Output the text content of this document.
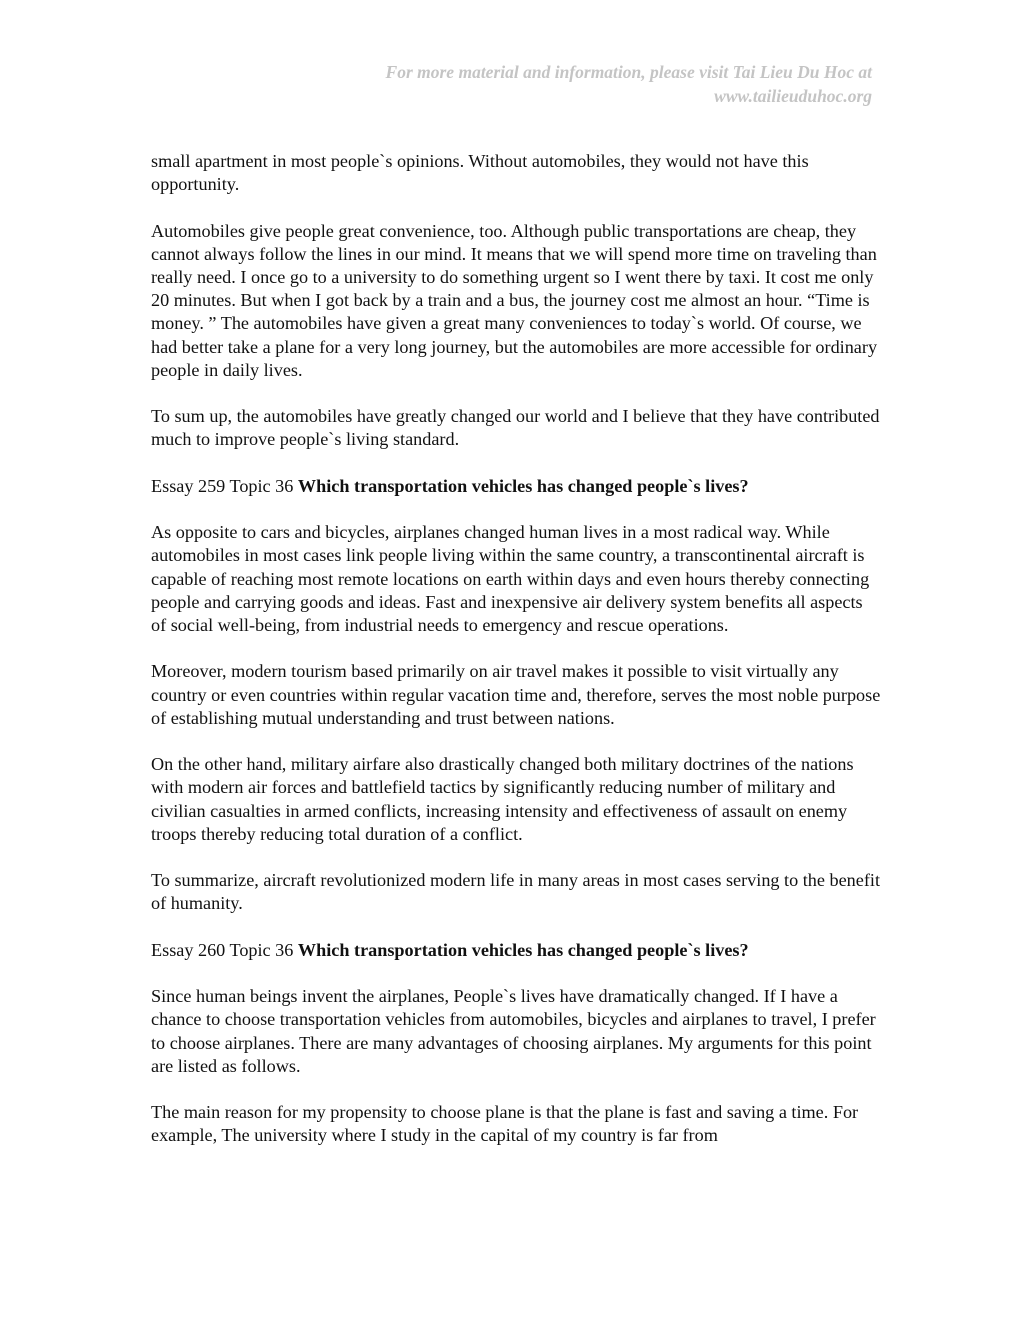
For more material and information, please visit Tai Lieu Du Hoc at
www.tailieuduhoc.org

small apartment in most people`s opinions. Without automobiles, they would not have this opportunity.

Automobiles give people great convenience, too. Although public transportations are cheap, they cannot always follow the lines in our mind. It means that we will spend more time on traveling than really need. I once go to a university to do something urgent so I went there by taxi. It cost me only 20 minutes. But when I got back by a train and a bus, the journey cost me almost an hour. “Time is money. ” The automobiles have given a great many conveniences to today`s world. Of course, we had better take a plane for a very long journey, but the automobiles are more accessible for ordinary people in daily lives.

To sum up, the automobiles have greatly changed our world and I believe that they have contributed much to improve people`s living standard.

Essay 259 Topic 36 Which transportation vehicles has changed people`s lives?

As opposite to cars and bicycles, airplanes changed human lives in a most radical way. While automobiles in most cases link people living within the same country, a transcontinental aircraft is capable of reaching most remote locations on earth within days and even hours thereby connecting people and carrying goods and ideas. Fast and inexpensive air delivery system benefits all aspects of social well-being, from industrial needs to emergency and rescue operations.

Moreover, modern tourism based primarily on air travel makes it possible to visit virtually any country or even countries within regular vacation time and, therefore, serves the most noble purpose of establishing mutual understanding and trust between nations.

On the other hand, military airfare also drastically changed both military doctrines of the nations with modern air forces and battlefield tactics by significantly reducing number of military and civilian casualties in armed conflicts, increasing intensity and effectiveness of assault on enemy troops thereby reducing total duration of a conflict.

To summarize, aircraft revolutionized modern life in many areas in most cases serving to the benefit of humanity.

Essay 260 Topic 36 Which transportation vehicles has changed people`s lives?

Since human beings invent the airplanes, People`s lives have dramatically changed. If I have a chance to choose transportation vehicles from automobiles, bicycles and airplanes to travel, I prefer to choose airplanes. There are many advantages of choosing airplanes. My arguments for this point are listed as follows.

The main reason for my propensity to choose plane is that the plane is fast and saving a time. For example, The university where I study in the capital of my country is far from
